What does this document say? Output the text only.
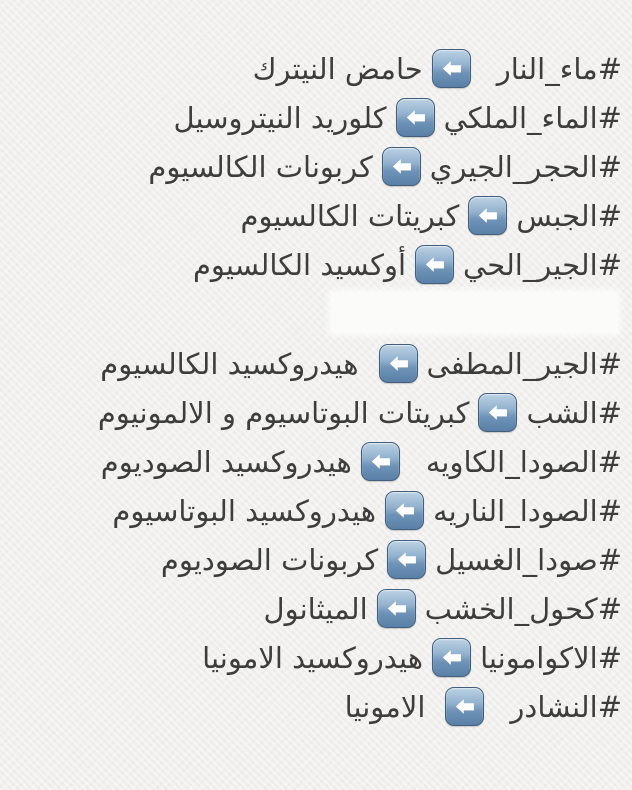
#ماء_النار
حامض النيترك
#الماء_الملكي
كلوريد النيتروسيل
#الحجر_الجيري
كربونات الكالسيوم
#الجبس
كبريتات الكالسيوم
#الجير_الحي
أوكسيد الكالسيوم
#الجير_المطفى
هيدروكسيد الكالسيوم
#الشب
كبريتات البوتاسيوم و الالمونيوم
#الصودا_الكاويه
هيدروكسيد الصوديوم
#الصودا_الناريه
هيدروكسيد البوتاسيوم
#صودا_الغسيل
كربونات الصوديوم
#كحول_الخشب
الميثانول
#الاكوامونيا
هيدروكسيد الامونيا
#النشادر
الامونيا
